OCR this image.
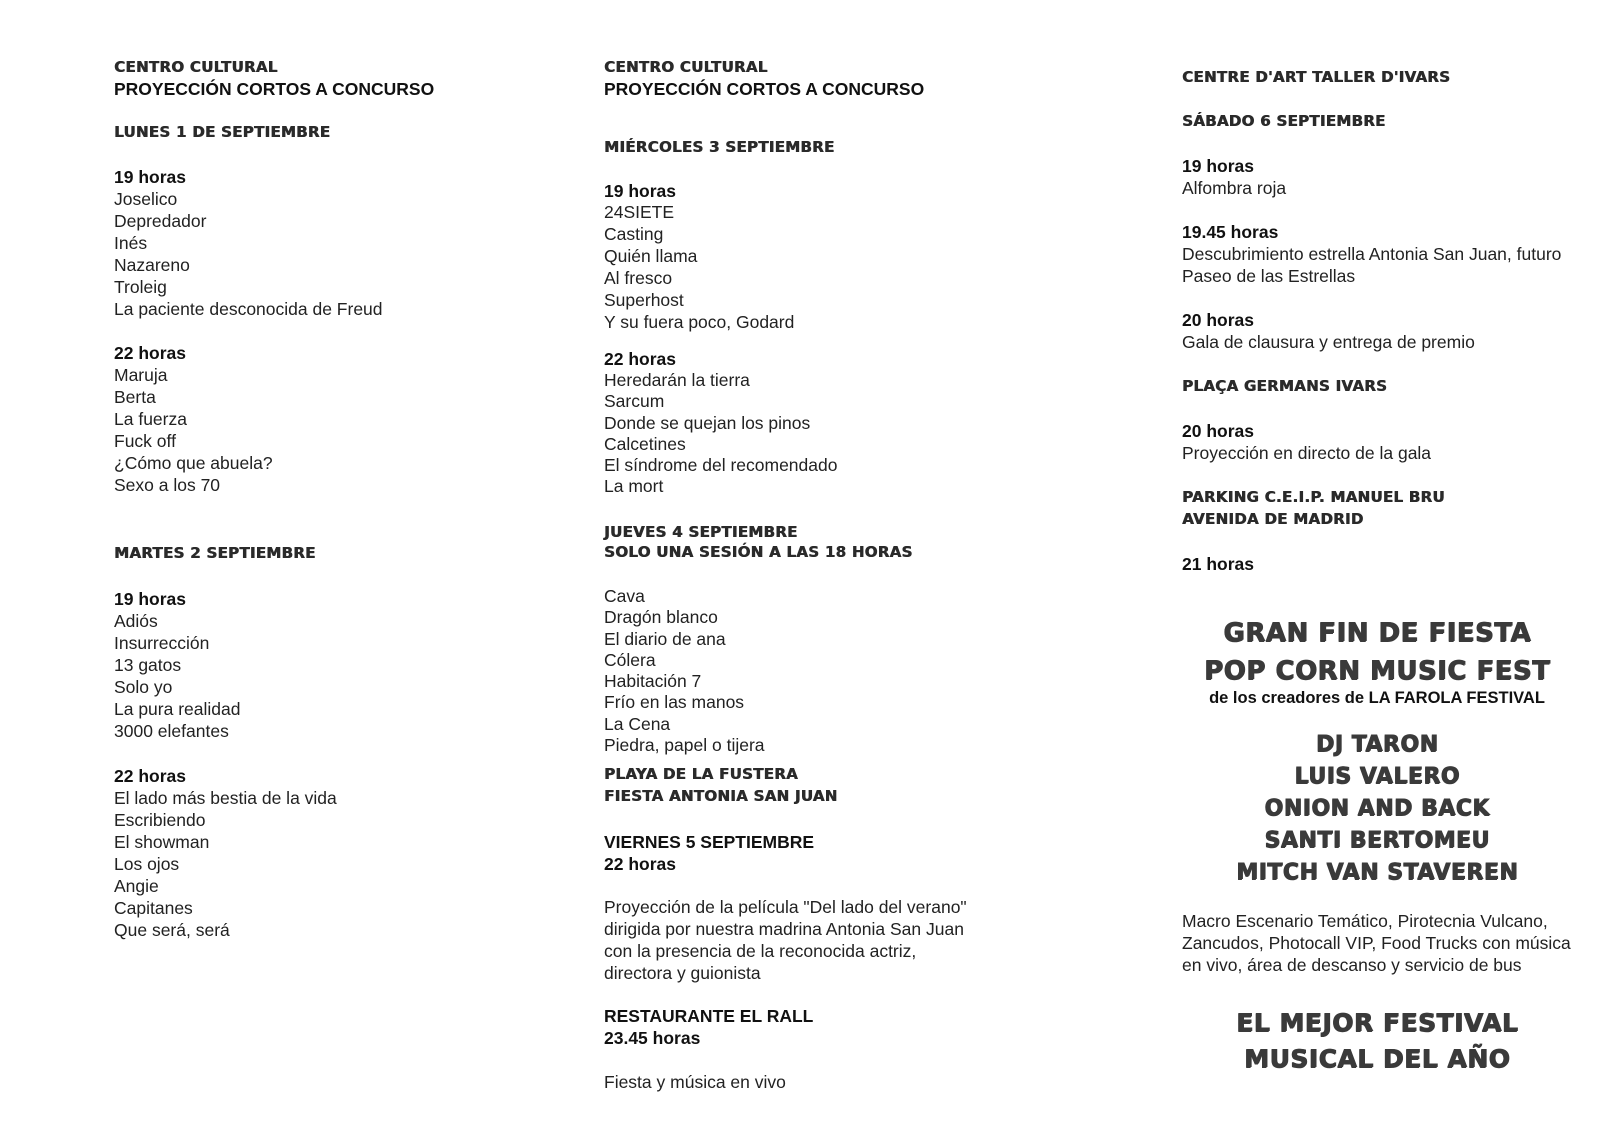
CENTRO CULTURAL
PROYECCIÓN CORTOS A CONCURSO
LUNES 1 DE SEPTIEMBRE
19 horas
Joselico
Depredador
Inés
Nazareno
Troleig
La paciente desconocida de Freud
22 horas
Maruja
Berta
La fuerza
Fuck off
¿Cómo que abuela?
Sexo a los 70
MARTES 2 SEPTIEMBRE
19 horas
Adiós
Insurrección
13 gatos
Solo yo
La pura realidad
3000 elefantes
22 horas
El lado más bestia de la vida
Escribiendo
El showman
Los ojos
Angie
Capitanes
Que será, será
CENTRO CULTURAL
PROYECCIÓN CORTOS A CONCURSO
MIÉRCOLES 3 SEPTIEMBRE
19 horas
24SIETE
Casting
Quién llama
Al fresco
Superhost
Y su fuera poco, Godard
22 horas
Heredarán la tierra
Sarcum
Donde se quejan los pinos
Calcetines
El síndrome del recomendado
La mort
JUEVES 4 SEPTIEMBRE
SOLO UNA SESIÓN A LAS 18 HORAS
Cava
Dragón blanco
El diario de ana
Cólera
Habitación 7
Frío en las manos
La Cena
Piedra, papel o tijera
PLAYA DE LA FUSTERA
FIESTA ANTONIA SAN JUAN
VIERNES 5 SEPTIEMBRE
22 horas
Proyección de la película "Del lado del verano" dirigida por nuestra madrina Antonia San Juan con la presencia de la reconocida actriz, directora y guionista
RESTAURANTE EL RALL
23.45 horas
Fiesta y música en vivo
CENTRE D'ART TALLER D'IVARS
SÁBADO 6 SEPTIEMBRE
19 horas
Alfombra roja
19.45 horas
Descubrimiento estrella Antonia San Juan, futuro Paseo de las Estrellas
20 horas
Gala de clausura y entrega de premio
PLAÇA GERMANS IVARS
20 horas
Proyección en directo de la gala
PARKING C.E.I.P. MANUEL BRU
AVENIDA DE MADRID
21 horas
GRAN FIN DE FIESTA
POP CORN MUSIC FEST
de los creadores de LA FAROLA FESTIVAL
DJ TARON
LUIS VALERO
ONION AND BACK
SANTI BERTOMEU
MITCH VAN STAVEREN
Macro Escenario Temático, Pirotecnia Vulcano, Zancudos, Photocall VIP, Food Trucks con música en vivo, área de descanso y servicio de bus
EL MEJOR FESTIVAL
MUSICAL DEL AÑO
